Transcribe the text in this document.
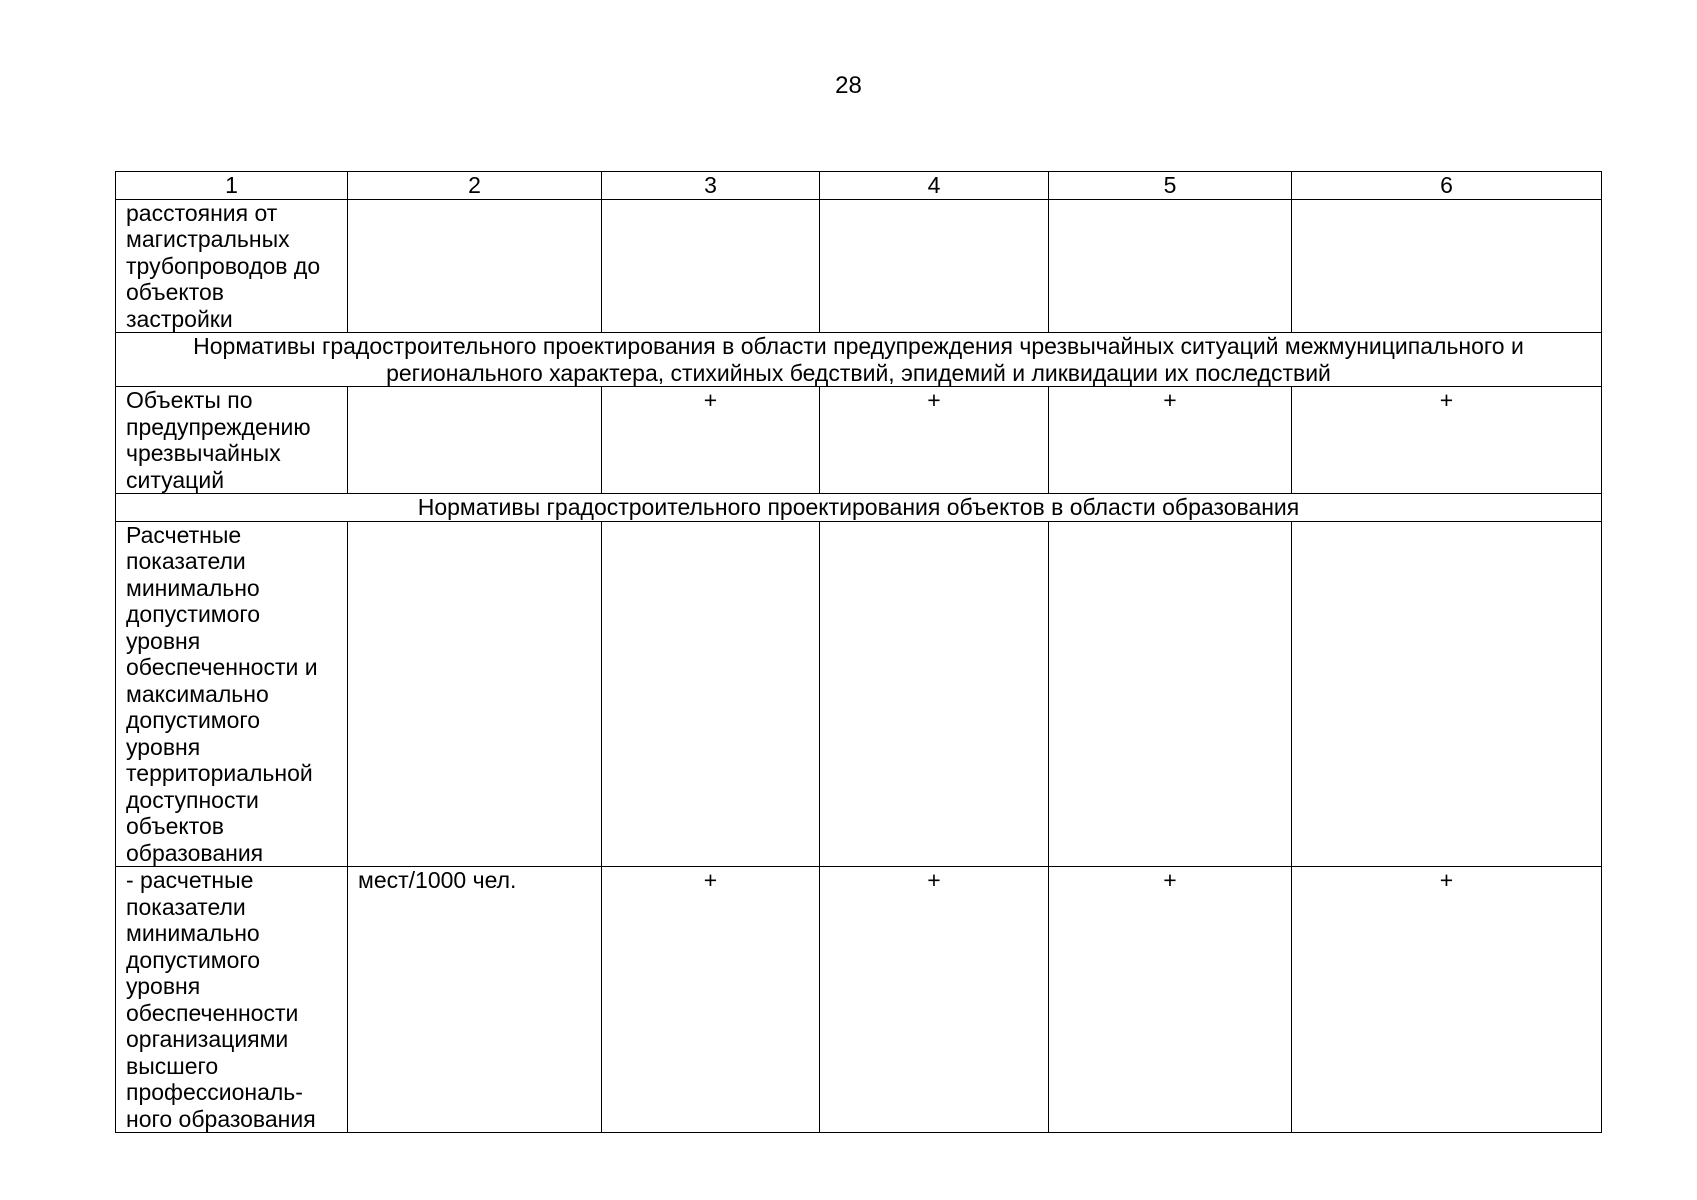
28
1	2	3	4	5	6
расстояния от магистральных трубопроводов до объектов застройки					
Нормативы градостроительного проектирования в области предупреждения чрезвычайных ситуаций межмуниципального и регионального характера, стихийных бедствий, эпидемий и ликвидации их последствий					
Объекты по предупреждению чрезвычайных ситуаций		+	+	+	+
Нормативы градостроительного проектирования объектов в области образования					
Расчетные показатели минимально допустимого уровня обеспеченности и максимально допустимого уровня территориальной доступности объектов образования					
- расчетные показатели минимально допустимого уровня обеспеченности организациями высшего профессиональ-ного образования	мест/1000 чел.	+	+	+	+
